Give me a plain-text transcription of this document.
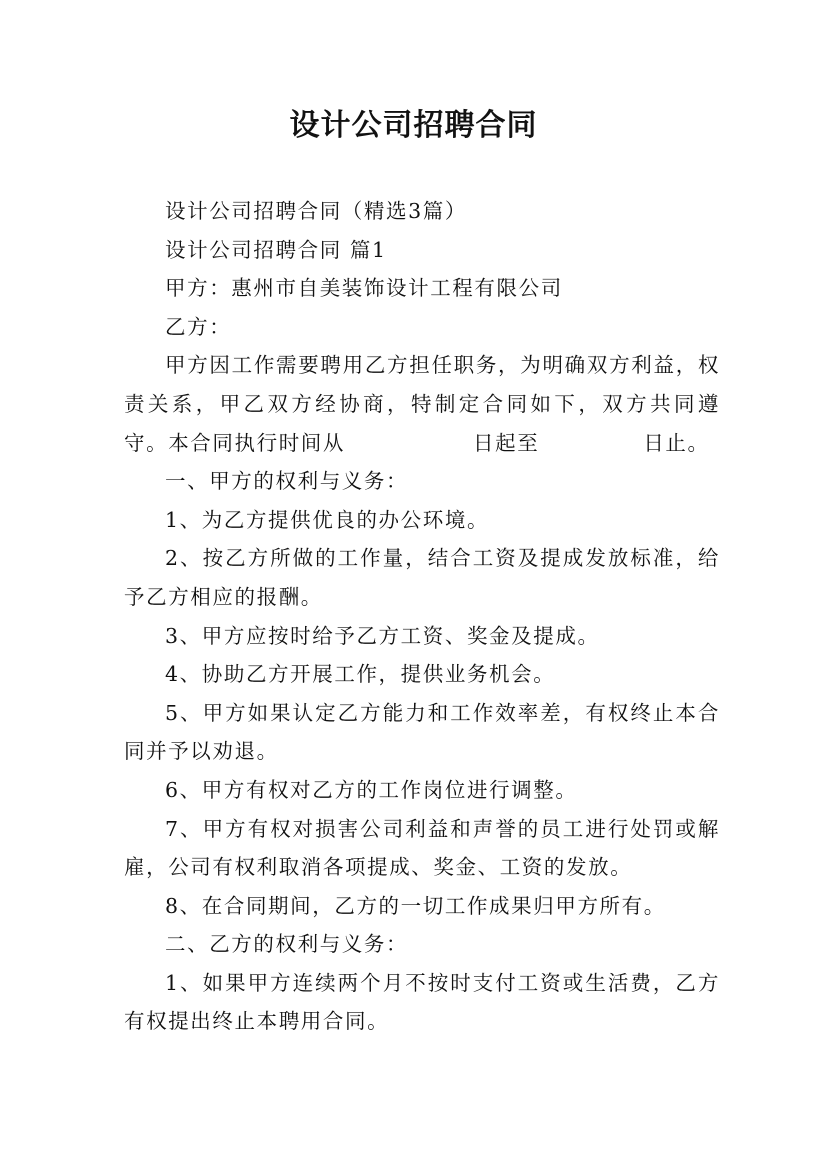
设计公司招聘合同

设计公司招聘合同（精选3篇）

设计公司招聘合同 篇1

甲方：惠州市自美装饰设计工程有限公司

乙方：

甲方因工作需要聘用乙方担任职务，为明确双方利益，权责关系，甲乙双方经协商，特制定合同如下，双方共同遵守。本合同执行时间从	日起至	日止。

一、甲方的权利与义务：

1、为乙方提供优良的办公环境。

2、按乙方所做的工作量，结合工资及提成发放标准，给予乙方相应的报酬。

3、甲方应按时给予乙方工资、奖金及提成。

4、协助乙方开展工作，提供业务机会。

5、甲方如果认定乙方能力和工作效率差，有权终止本合同并予以劝退。

6、甲方有权对乙方的工作岗位进行调整。

7、甲方有权对损害公司利益和声誉的员工进行处罚或解雇，公司有权利取消各项提成、奖金、工资的发放。

8、在合同期间，乙方的一切工作成果归甲方所有。

二、乙方的权利与义务：

1、如果甲方连续两个月不按时支付工资或生活费，乙方有权提出终止本聘用合同。
